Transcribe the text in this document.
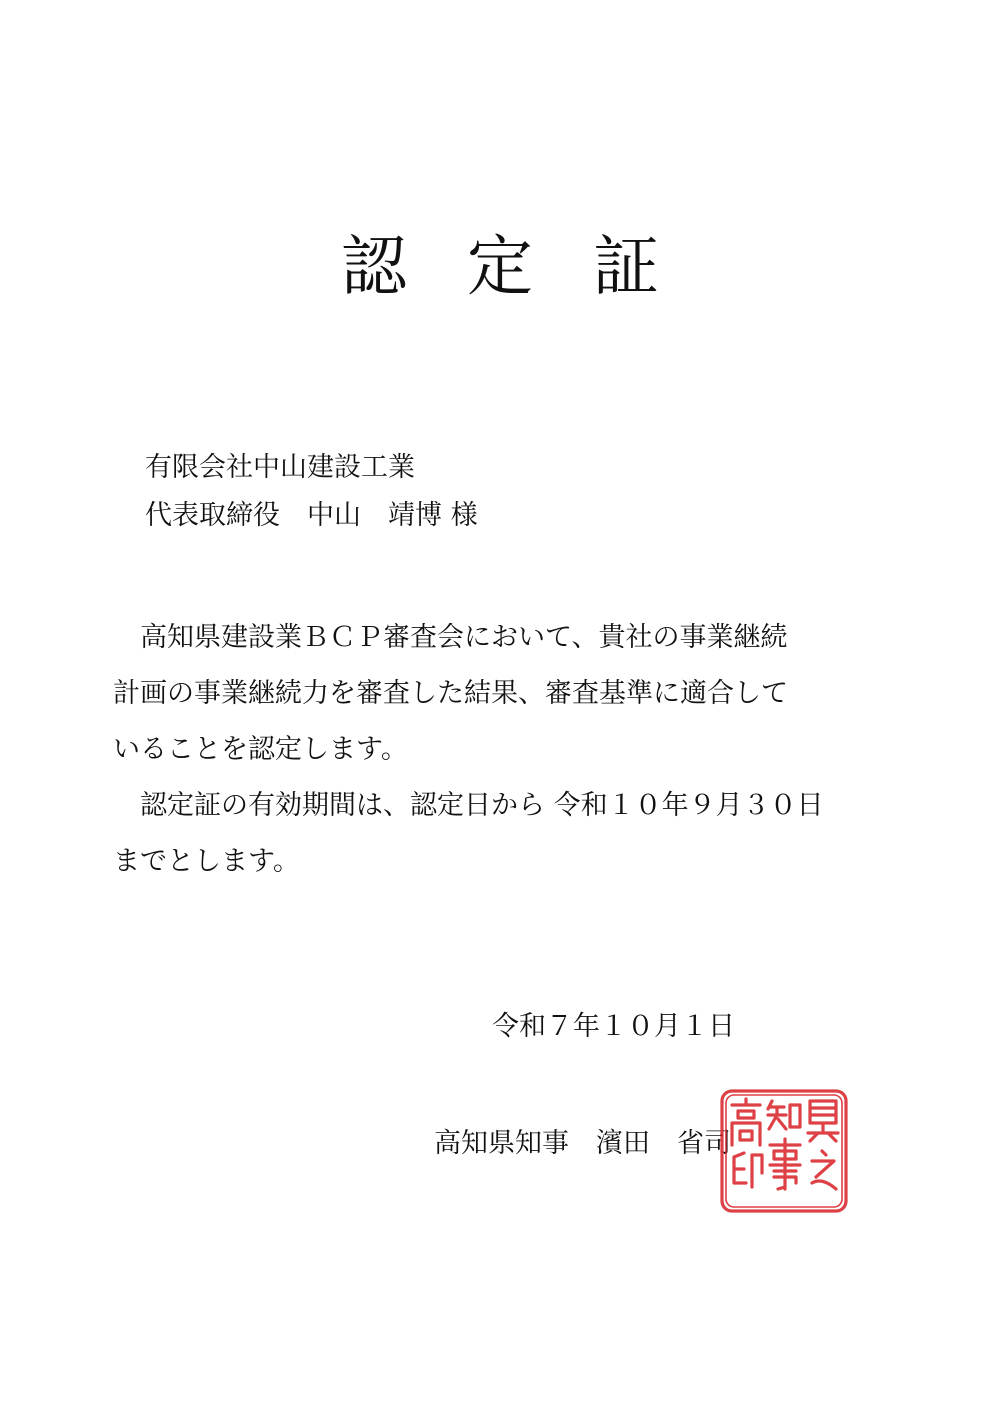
認 定 証
有限会社中山建設工業
代表取締役　中山　靖博 様

　高知県建設業ＢＣＰ審査会において、貴社の事業継続

計画の事業継続力を審査した結果、審査基準に適合して

いることを認定します。

　認定証の有効期間は、認定日から 令和１０年９月３０日

までとします。

令和７年１０月１日
高知県知事　濱田　省司
